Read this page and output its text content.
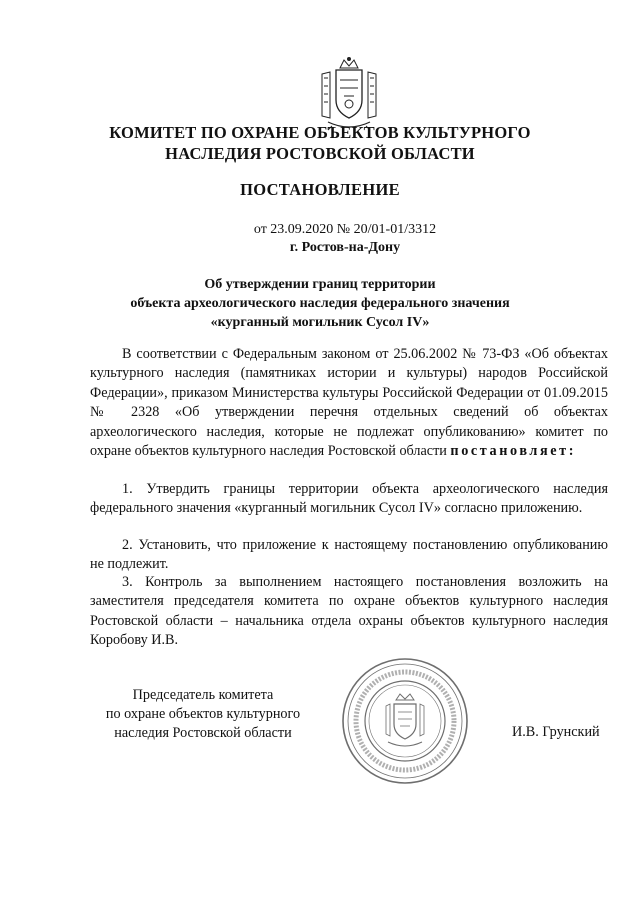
КОМИТЕТ ПО ОХРАНЕ ОБЪЕКТОВ КУЛЬТУРНОГО
НАСЛЕДИЯ РОСТОВСКОЙ ОБЛАСТИ
ПОСТАНОВЛЕНИЕ
от 23.09.2020 № 20/01-01/3312
г. Ростов-на-Дону
Об утверждении границ территории
объекта археологического наследия федерального значения
«курганный могильник Сусол IV»
В соответствии с Федеральным законом от 25.06.2002 № 73-ФЗ «Об объектах культурного наследия (памятниках истории и культуры) народов Российской Федерации», приказом Министерства культуры Российской Федерации от 01.09.2015 № 2328 «Об утверждении перечня отдельных сведений об объектах археологического наследия, которые не подлежат опубликованию» комитет по охране объектов культурного наследия Ростовской области постановляет:
1. Утвердить границы территории объекта археологического наследия федерального значения «курганный могильник Сусол IV» согласно приложению.
2. Установить, что приложение к настоящему постановлению опубликованию не подлежит.
3. Контроль за выполнением настоящего постановления возложить на заместителя председателя комитета по охране объектов культурного наследия Ростовской области – начальника отдела охраны объектов культурного наследия Коробову И.В.
Председатель комитета
по охране объектов культурного
наследия Ростовской области	И.В. Грунский
